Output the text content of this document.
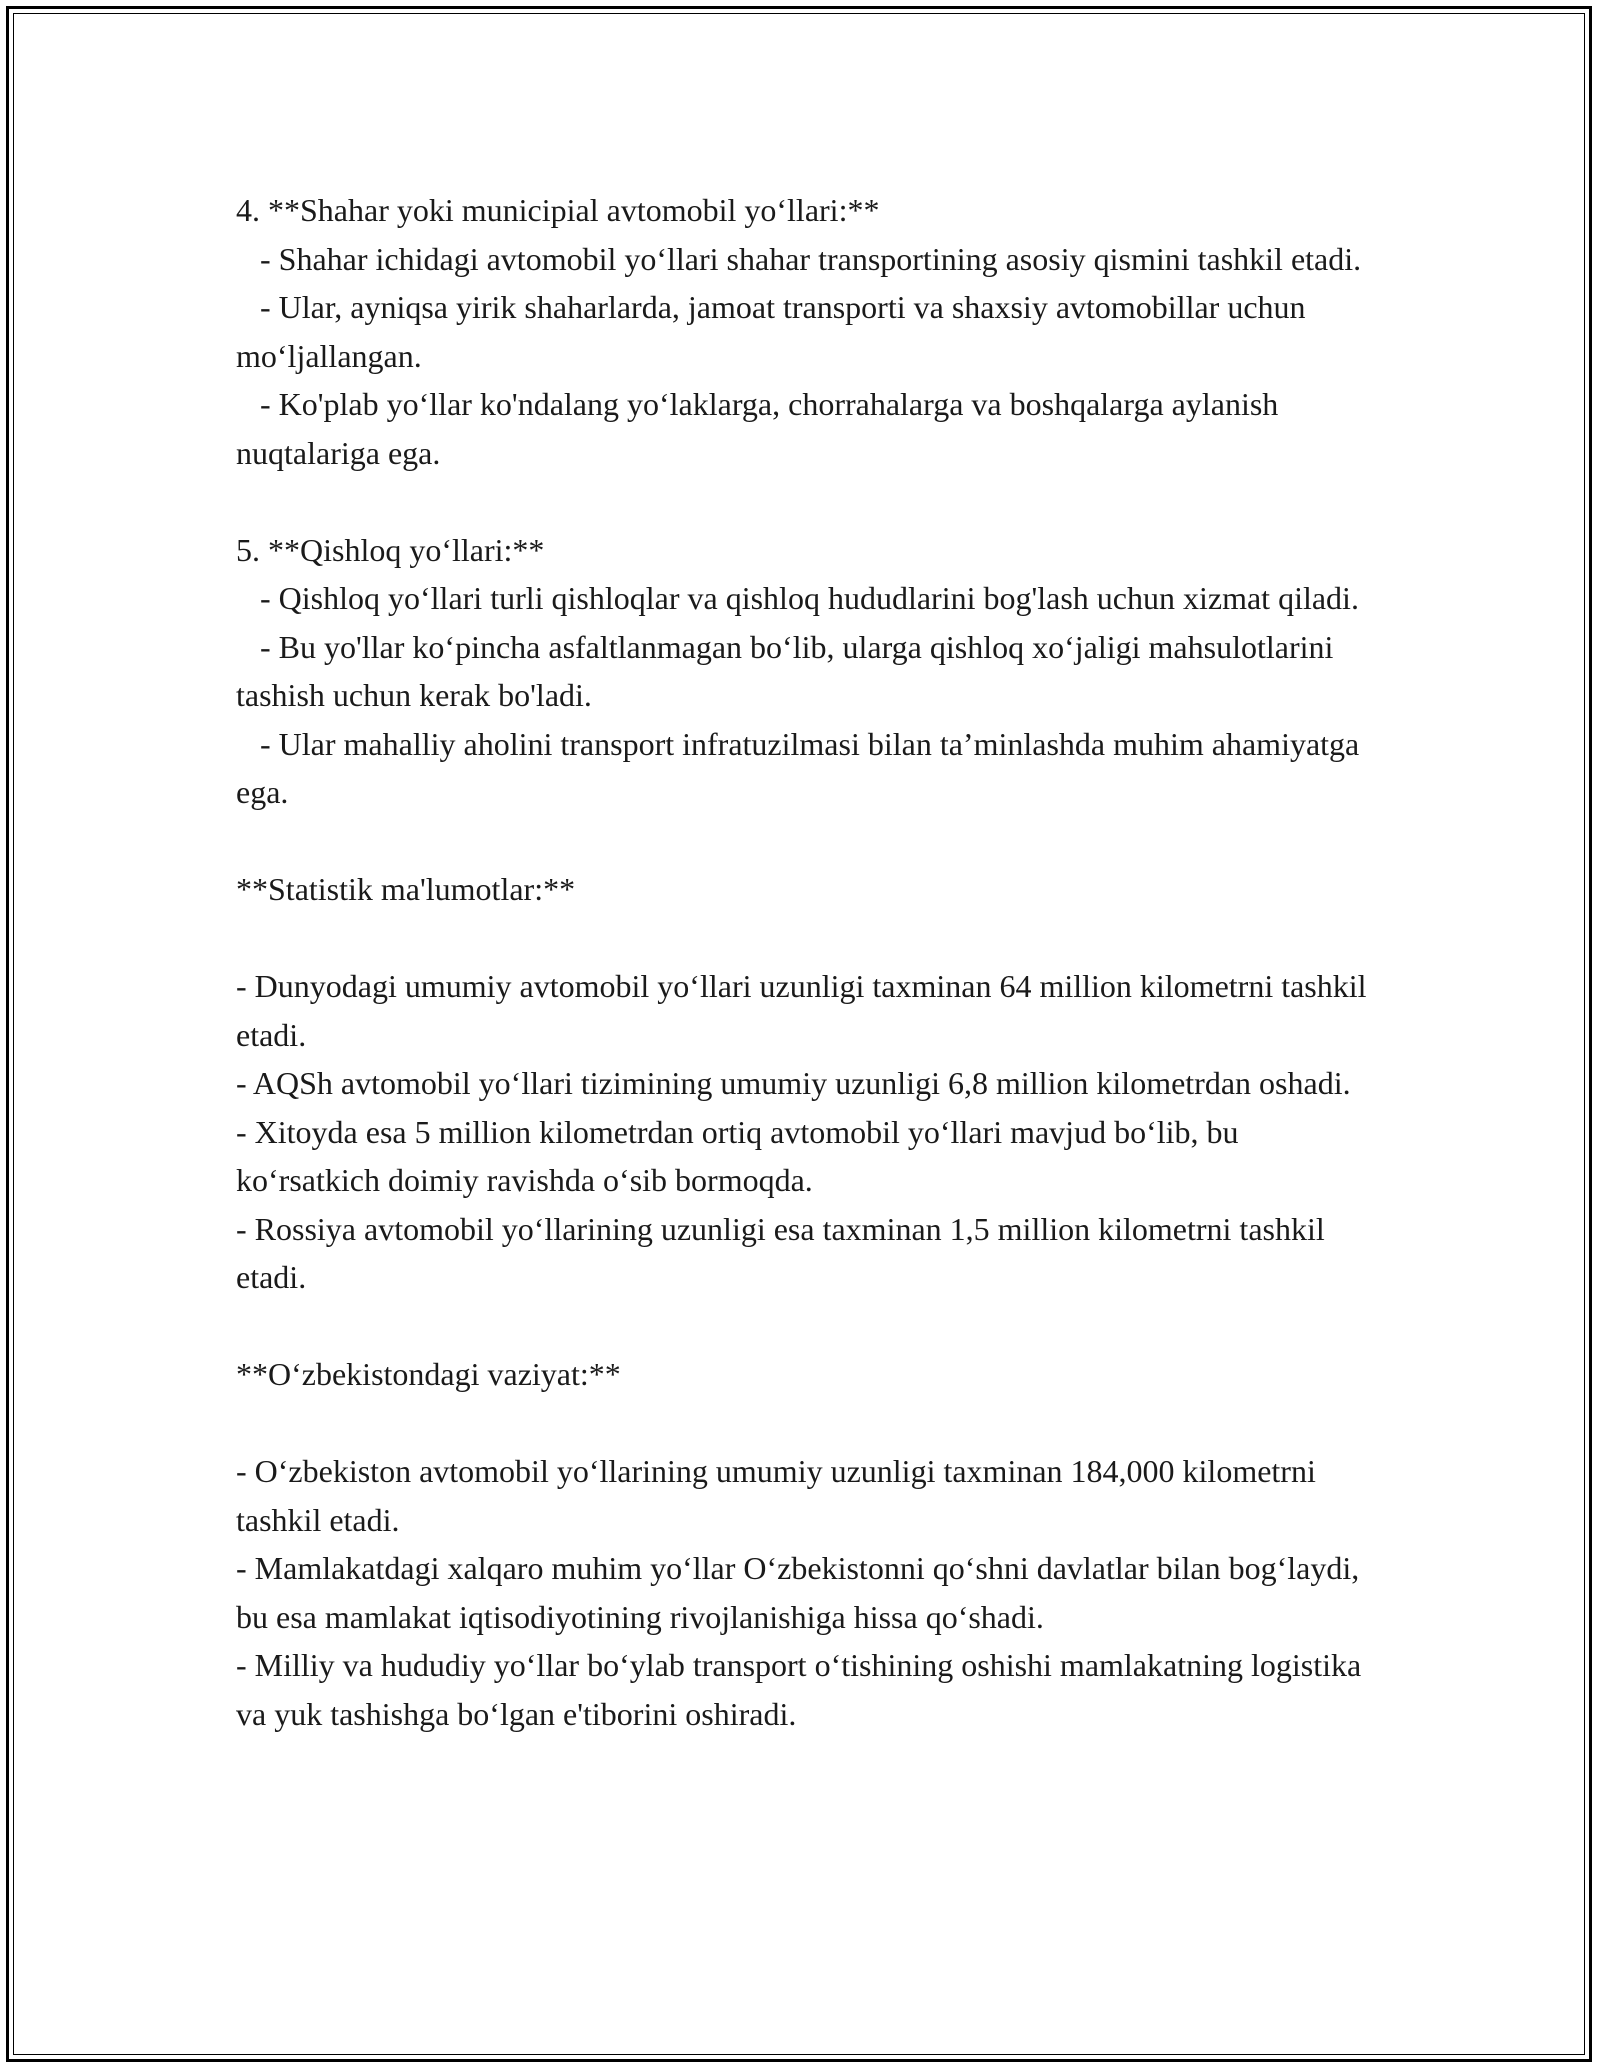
4. **Shahar yoki municipial avtomobil yo‘llari:**

- Shahar ichidagi avtomobil yo‘llari shahar transportining asosiy qismini tashkil etadi.

- Ular, ayniqsa yirik shaharlarda, jamoat transporti va shaxsiy avtomobillar uchun mo‘ljallangan.

- Ko'plab yo‘llar ko'ndalang yo‘laklarga, chorrahalarga va boshqalarga aylanish nuqtalariga ega.

5. **Qishloq yo‘llari:**

- Qishloq yo‘llari turli qishloqlar va qishloq hududlarini bog'lash uchun xizmat qiladi.

- Bu yo'llar ko‘pincha asfaltlanmagan bo‘lib, ularga qishloq xo‘jaligi mahsulotlarini tashish uchun kerak bo'ladi.

- Ular mahalliy aholini transport infratuzilmasi bilan ta’minlashda muhim ahamiyatga ega.

**Statistik ma'lumotlar:**

- Dunyodagi umumiy avtomobil yo‘llari uzunligi taxminan 64 million kilometrni tashkil etadi.

- AQSh avtomobil yo‘llari tizimining umumiy uzunligi 6,8 million kilometrdan oshadi.

- Xitoyda esa 5 million kilometrdan ortiq avtomobil yo‘llari mavjud bo‘lib, bu ko‘rsatkich doimiy ravishda o‘sib bormoqda.

- Rossiya avtomobil yo‘llarining uzunligi esa taxminan 1,5 million kilometrni tashkil etadi.

**O‘zbekistondagi vaziyat:**

- O‘zbekiston avtomobil yo‘llarining umumiy uzunligi taxminan 184,000 kilometrni tashkil etadi.

- Mamlakatdagi xalqaro muhim yo‘llar O‘zbekistonni qo‘shni davlatlar bilan bog‘laydi, bu esa mamlakat iqtisodiyotining rivojlanishiga hissa qo‘shadi.

- Milliy va hududiy yo‘llar bo‘ylab transport o‘tishining oshishi mamlakatning logistika va yuk tashishga bo‘lgan e'tiborini oshiradi.
